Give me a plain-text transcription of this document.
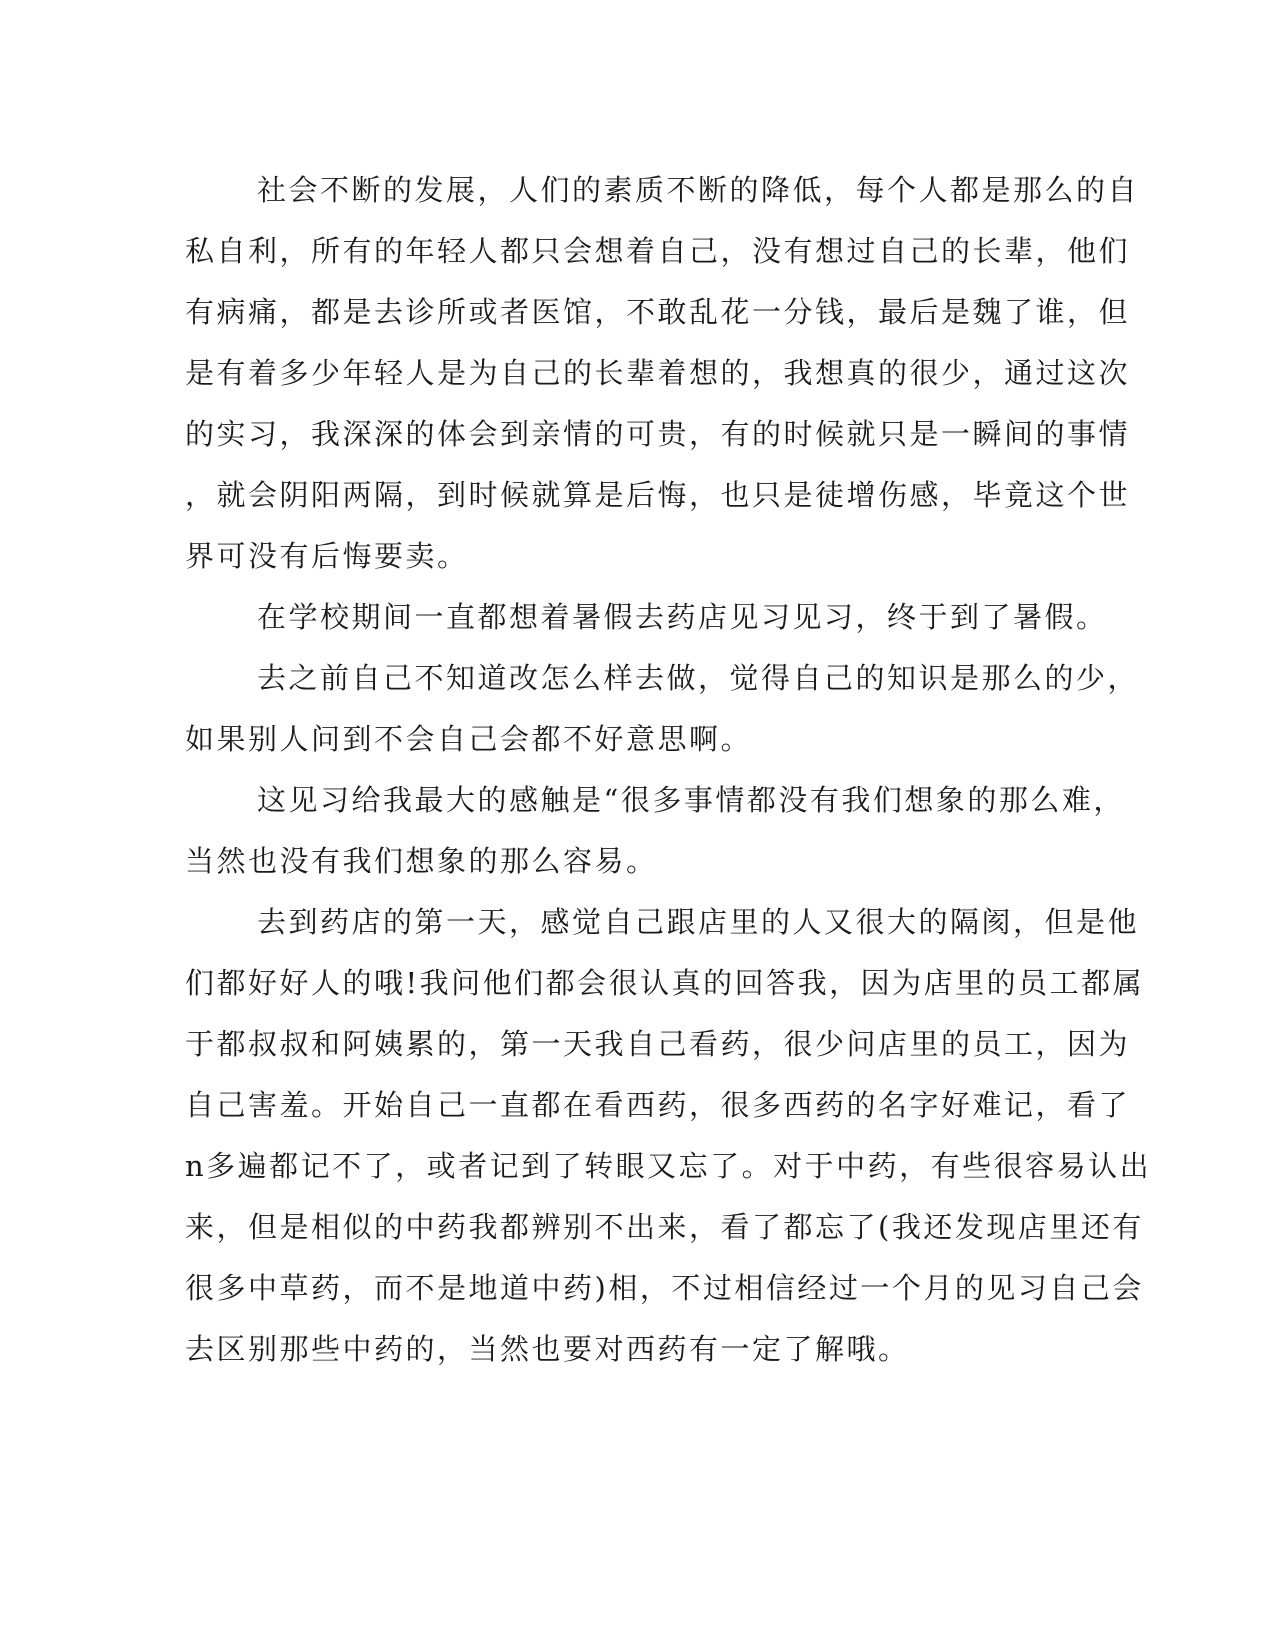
社会不断的发展，人们的素质不断的降低，每个人都是那么的自
私自利，所有的年轻人都只会想着自己，没有想过自己的长辈，他们
有病痛，都是去诊所或者医馆，不敢乱花一分钱，最后是魏了谁，但
是有着多少年轻人是为自己的长辈着想的，我想真的很少，通过这次
的实习，我深深的体会到亲情的可贵，有的时候就只是一瞬间的事情
，就会阴阳两隔，到时候就算是后悔，也只是徒增伤感，毕竟这个世
界可没有后悔要卖。
在学校期间一直都想着暑假去药店见习见习，终于到了暑假。
去之前自己不知道改怎么样去做，觉得自己的知识是那么的少，
如果别人问到不会自己会都不好意思啊。
这见习给我最大的感触是“很多事情都没有我们想象的那么难，
当然也没有我们想象的那么容易。
去到药店的第一天，感觉自己跟店里的人又很大的隔阂，但是他
们都好好人的哦!我问他们都会很认真的回答我，因为店里的员工都属
于都叔叔和阿姨累的，第一天我自己看药，很少问店里的员工，因为
自己害羞。开始自己一直都在看西药，很多西药的名字好难记，看了
n多遍都记不了，或者记到了转眼又忘了。对于中药，有些很容易认出
来，但是相似的中药我都辨别不出来，看了都忘了(我还发现店里还有
很多中草药，而不是地道中药)相，不过相信经过一个月的见习自己会
去区别那些中药的，当然也要对西药有一定了解哦。
